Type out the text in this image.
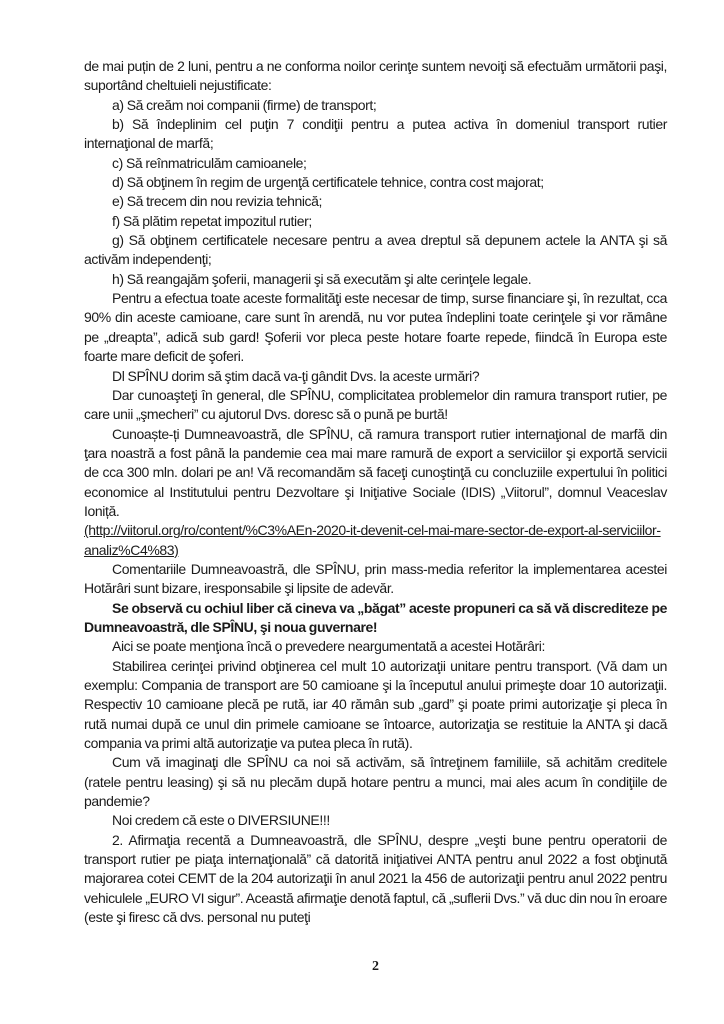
de mai puțin de 2 luni, pentru a ne conforma noilor cerinţe suntem nevoiţi să efectuăm următorii paşi, suportând cheltuieli nejustificate:

a) Să creăm noi companii (firme) de transport;

b) Să îndeplinim cel puţin 7 condiţii pentru a putea activa în domeniul transport rutier internaţional de marfă;

c) Să reînmatriculăm camioanele;

d) Să obţinem în regim de urgenţă certificatele tehnice, contra cost majorat;

e) Să trecem din nou revizia tehnică;

f) Să plătim repetat impozitul rutier;

g) Să obţinem certificatele necesare pentru a avea dreptul să depunem actele la ANTA şi să activăm independenţi;

h) Să reangajăm şoferii, managerii şi să executăm şi alte cerinţele legale.

Pentru a efectua toate aceste formalităţi este necesar de timp, surse financiare şi, în rezultat, cca 90% din aceste camioane, care sunt în arendă, nu vor putea îndeplini toate cerinţele şi vor rămâne pe „dreapta”, adică sub gard! Şoferii vor pleca peste hotare foarte repede, fiindcă în Europa este foarte mare deficit de şoferi.

Dl SPÎNU dorim să ştim dacă va-ţi gândit Dvs. la aceste urmări?

Dar cunoaşteţi în general, dle SPÎNU, complicitatea problemelor din ramura transport rutier, pe care unii „şmecheri” cu ajutorul Dvs. doresc să o pună pe burtă!

Cunoaște-ți Dumneavoastră, dle SPÎNU, că ramura transport rutier internaţional de marfă din ţara noastră a fost până la pandemie cea mai mare ramură de export a serviciilor şi exportă servicii de cca 300 mln. dolari pe an! Vă recomandăm să faceţi cunoştinţă cu concluziile expertului în politici economice al Institutului pentru Dezvoltare şi Iniţiative Sociale (IDIS) „Viitorul”, domnul Veaceslav Ioniță.

(http://viitorul.org/ro/content/%C3%AEn-2020-it-devenit-cel-mai-mare-sector-de-export-al-serviciilor-analiz%C4%83)

Comentariile Dumneavoastră, dle SPÎNU, prin mass-media referitor la implementarea acestei Hotărâri sunt bizare, iresponsabile şi lipsite de adevăr.

Se observă cu ochiul liber că cineva va „băgat” aceste propuneri ca să vă discrediteze pe Dumneavoastră, dle SPÎNU, şi noua guvernare!

Aici se poate menţiona încă o prevedere neargumentată a acestei Hotărâri:

Stabilirea cerinţei privind obţinerea cel mult 10 autorizaţii unitare pentru transport. (Vă dam un exemplu: Compania de transport are 50 camioane şi la începutul anului primeşte doar 10 autorizaţii. Respectiv 10 camioane plecă pe rută, iar 40 rămân sub „gard” şi poate primi autorizaţie şi pleca în rută numai după ce unul din primele camioane se întoarce, autorizaţia se restituie la ANTA şi dacă compania va primi altă autorizaţie va putea pleca în rută).

Cum vă imaginaţi dle SPÎNU ca noi să activăm, să întreţinem familiile, să achităm creditele (ratele pentru leasing) şi să nu plecăm după hotare pentru a munci, mai ales acum în condiţiile de pandemie?

Noi credem că este o DIVERSIUNE!!!

2. Afirmaţia recentă a Dumneavoastră, dle SPÎNU, despre „veşti bune pentru operatorii de transport rutier pe piaţa internaţională” că datorită iniţiativei ANTA pentru anul 2022 a fost obţinută majorarea cotei CEMT de la 204 autorizaţii în anul 2021 la 456 de autorizaţii pentru anul 2022 pentru vehiculele „EURO VI sigur”. Această afirmaţie denotă faptul, că „suflerii Dvs.” vă duc din nou în eroare (este şi firesc că dvs. personal nu puteţi

2
